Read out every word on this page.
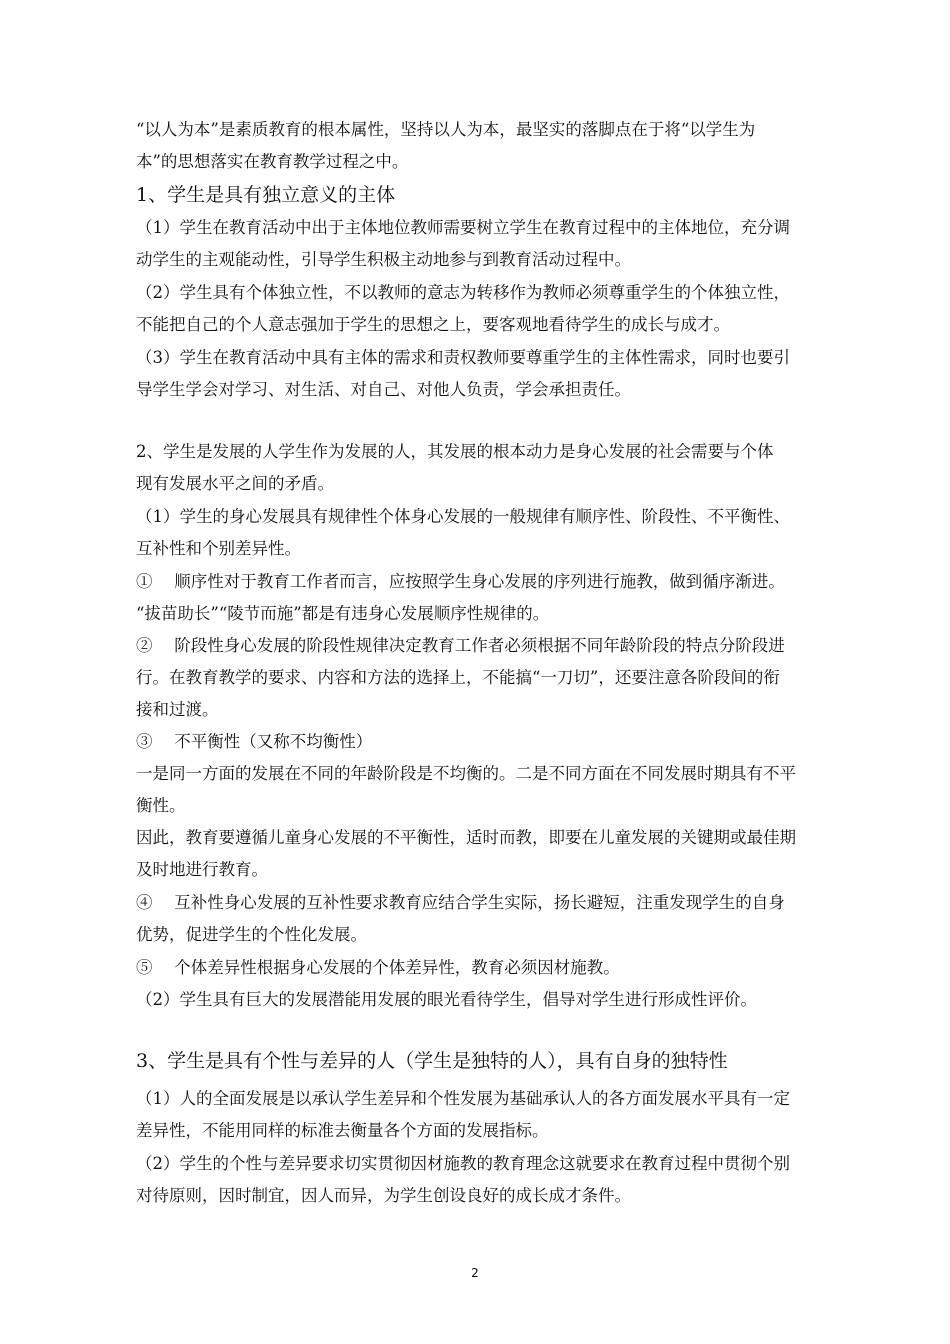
“以人为本”是素质教育的根本属性，坚持以人为本，最坚实的落脚点在于将“以学生为
本”的思想落实在教育教学过程之中。
1、学生是具有独立意义的主体
（1）学生在教育活动中出于主体地位教师需要树立学生在教育过程中的主体地位，充分调
动学生的主观能动性，引导学生积极主动地参与到教育活动过程中。
（2）学生具有个体独立性，不以教师的意志为转移作为教师必须尊重学生的个体独立性，
不能把自己的个人意志强加于学生的思想之上，要客观地看待学生的成长与成才。
（3）学生在教育活动中具有主体的需求和责权教师要尊重学生的主体性需求，同时也要引
导学生学会对学习、对生活、对自己、对他人负责，学会承担责任。
2、学生是发展的人学生作为发展的人，其发展的根本动力是身心发展的社会需要与个体
现有发展水平之间的矛盾。
（1）学生的身心发展具有规律性个体身心发展的一般规律有顺序性、阶段性、不平衡性、
互补性和个别差异性。
①　 顺序性对于教育工作者而言，应按照学生身心发展的序列进行施教，做到循序渐进。
“拔苗助长”“陵节而施”都是有违身心发展顺序性规律的。
②　 阶段性身心发展的阶段性规律决定教育工作者必须根据不同年龄阶段的特点分阶段进
行。在教育教学的要求、内容和方法的选择上，不能搞“一刀切”，还要注意各阶段间的衔
接和过渡。
③　 不平衡性（又称不均衡性）
一是同一方面的发展在不同的年龄阶段是不均衡的。二是不同方面在不同发展时期具有不平
衡性。
因此，教育要遵循儿童身心发展的不平衡性，适时而教，即要在儿童发展的关键期或最佳期
及时地进行教育。
④　 互补性身心发展的互补性要求教育应结合学生实际，扬长避短，注重发现学生的自身
优势，促进学生的个性化发展。
⑤　 个体差异性根据身心发展的个体差异性，教育必须因材施教。
（2）学生具有巨大的发展潜能用发展的眼光看待学生，倡导对学生进行形成性评价。
3、学生是具有个性与差异的人（学生是独特的人），具有自身的独特性
（1）人的全面发展是以承认学生差异和个性发展为基础承认人的各方面发展水平具有一定
差异性，不能用同样的标准去衡量各个方面的发展指标。
（2）学生的个性与差异要求切实贯彻因材施教的教育理念这就要求在教育过程中贯彻个别
对待原则，因时制宜，因人而异，为学生创设良好的成长成才条件。
2
